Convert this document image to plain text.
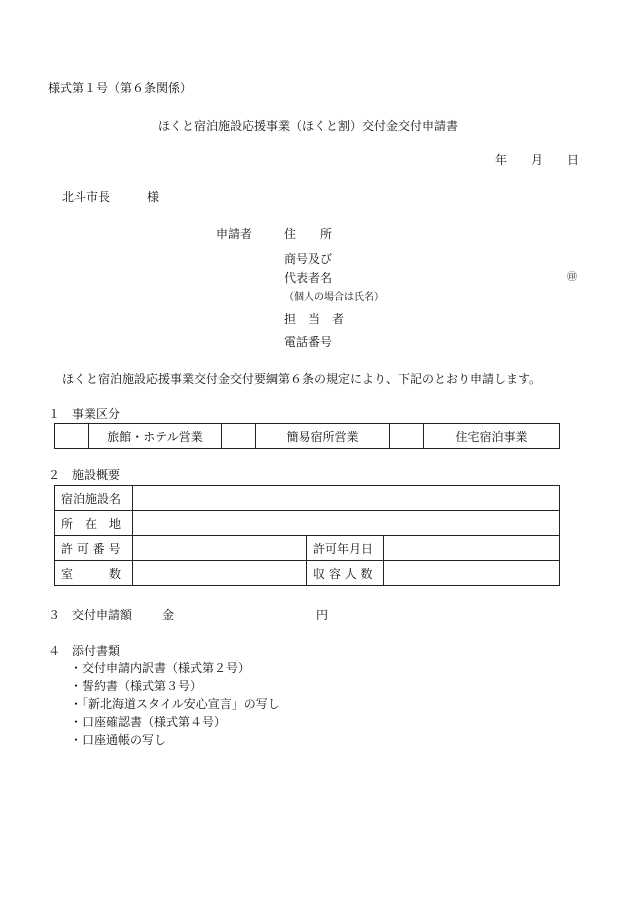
様式第１号（第６条関係）
ほくと宿泊施設応援事業（ほくと割）交付金交付申請書
年 月 日
北斗市長	様
申請者	住　　所
商号及び
代表者名	㊞
（個人の場合は氏名）
担　当　者
電話番号
ほくと宿泊施設応援事業交付金交付要綱第６条の規定により、下記のとおり申請します。
１　事業区分
	旅館・ホテル営業		簡易宿所営業		住宅宿泊事業
２　施設概要
宿泊施設名			
所　在　地			
許 可 番 号		許可年月日	
室　　　数		収 容 人 数	
３　交付申請額 金	円
４　添付書類
・交付申請内訳書（様式第２号）
・誓約書（様式第３号）
・「新北海道スタイル安心宣言」の写し
・口座確認書（様式第４号）
・口座通帳の写し
